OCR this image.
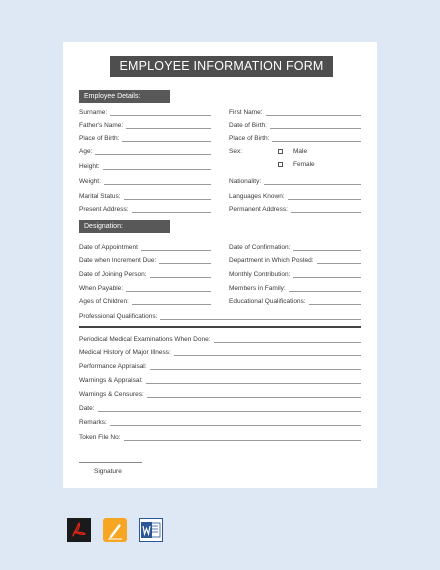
EMPLOYEE INFORMATION FORM
Employee Details:
Surname:
Father's Name:
Place of Birth:
Age:
Height:
Weight:
Marital Status:
Present Address:
First Name:
Date of Birth:
Place of Birth:
Sex:	Male
Female
Nationality:
Languages Known:
Permanent Address:
Designation:
Date of Appointment
Date when Increment Due:
Date of Joining Person:
When Payable:
Ages of Children:
Date of Confirmation:
Department in Which Posted:
Monthly Contribution:
Members in Family:
Educational Qualifications:
Professional Qualifications:
Periodical Medical Examinations When Done:
Medical History of Major Illness:
Performance Appraisal:
Warnings & Appraisal:
Warnings & Censures:
Date:
Remarks:
Token File No:
Signature
